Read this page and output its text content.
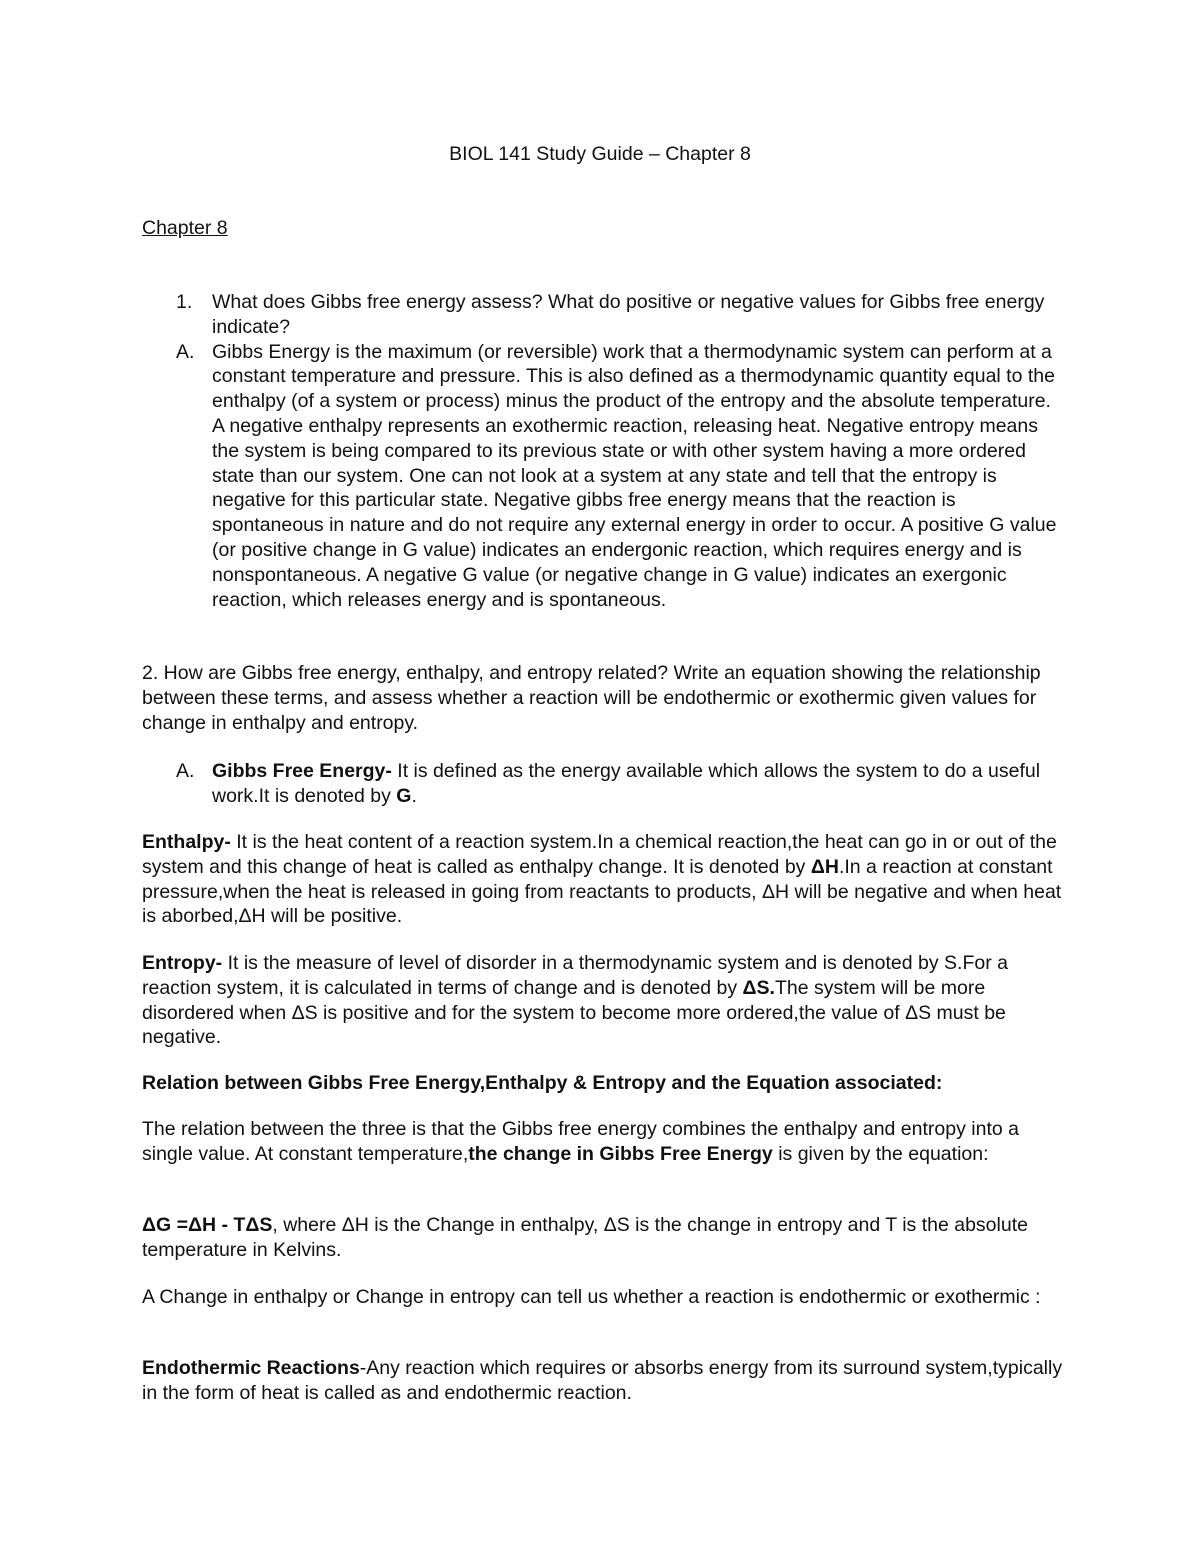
BIOL 141 Study Guide – Chapter 8
Chapter 8
1. What does Gibbs free energy assess? What do positive or negative values for Gibbs free energy indicate?
A. Gibbs Energy is the maximum (or reversible) work that a thermodynamic system can perform at a constant temperature and pressure. This is also defined as a thermodynamic quantity equal to the enthalpy (of a system or process) minus the product of the entropy and the absolute temperature. A negative enthalpy represents an exothermic reaction, releasing heat. Negative entropy means the system is being compared to its previous state or with other system having a more ordered state than our system. One can not look at a system at any state and tell that the entropy is negative for this particular state. Negative gibbs free energy means that the reaction is spontaneous in nature and do not require any external energy in order to occur. A positive G value (or positive change in G value) indicates an endergonic reaction, which requires energy and is nonspontaneous. A negative G value (or negative change in G value) indicates an exergonic reaction, which releases energy and is spontaneous.
2. How are Gibbs free energy, enthalpy, and entropy related? Write an equation showing the relationship between these terms, and assess whether a reaction will be endothermic or exothermic given values for change in enthalpy and entropy.
A. Gibbs Free Energy- It is defined as the energy available which allows the system to do a useful work.It is denoted by G.
Enthalpy- It is the heat content of a reaction system.In a chemical reaction,the heat can go in or out of the system and this change of heat is called as enthalpy change. It is denoted by ΔH.In a reaction at constant pressure,when the heat is released in going from reactants to products, ΔH will be negative and when heat is aborbed,ΔH will be positive.
Entropy- It is the measure of level of disorder in a thermodynamic system and is denoted by S.For a reaction system, it is calculated in terms of change and is denoted by ΔS.The system will be more disordered when ΔS is positive and for the system to become more ordered,the value of ΔS must be negative.
Relation between Gibbs Free Energy,Enthalpy & Entropy and the Equation associated:
The relation between the three is that the Gibbs free energy combines the enthalpy and entropy into a single value. At constant temperature,the change in Gibbs Free Energy is given by the equation:
ΔG =ΔH - TΔS, where ΔH is the Change in enthalpy, ΔS is the change in entropy and T is the absolute temperature in Kelvins.
A Change in enthalpy or Change in entropy can tell us whether a reaction is endothermic or exothermic :
Endothermic Reactions-Any reaction which requires or absorbs energy from its surround system,typically in the form of heat is called as and endothermic reaction.
